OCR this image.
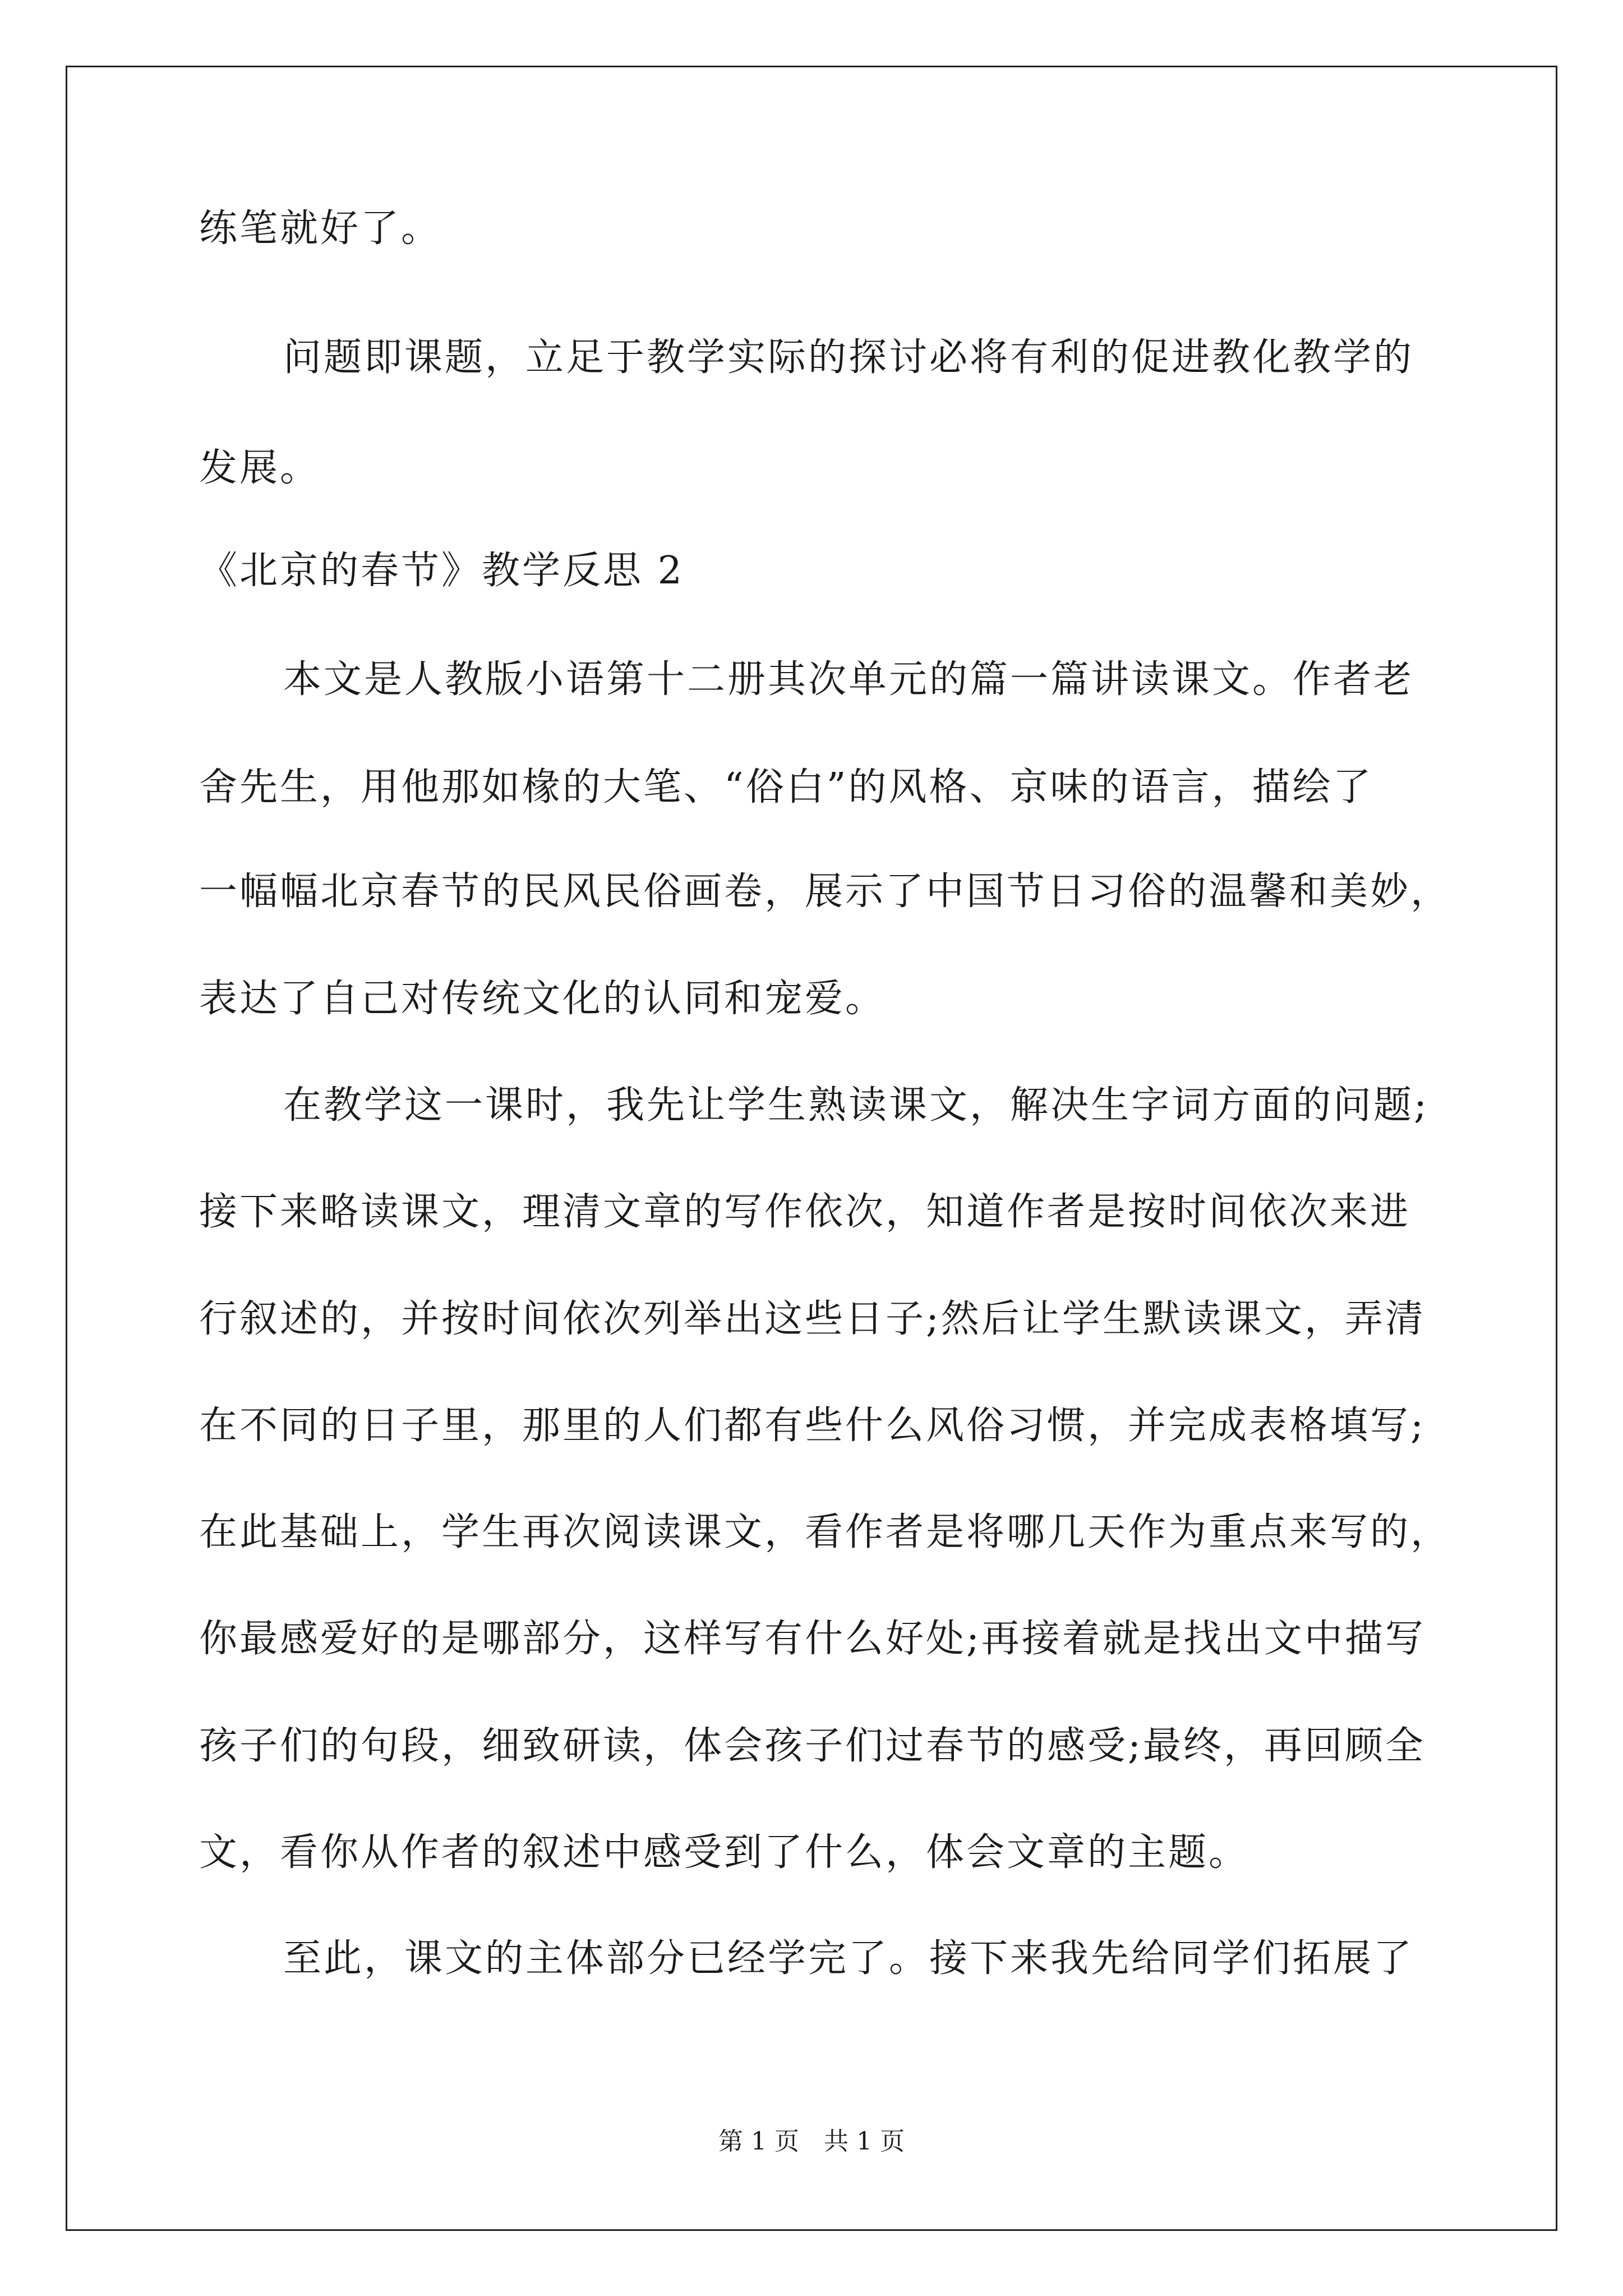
练笔就好了。
问题即课题，立足于教学实际的探讨必将有利的促进教化教学的
发展。
《北京的春节》教学反思 2
本文是人教版小语第十二册其次单元的篇一篇讲读课文。作者老
舍先生，用他那如椽的大笔、“俗白”的风格、京味的语言，描绘了
一幅幅北京春节的民风民俗画卷，展示了中国节日习俗的温馨和美妙，
表达了自己对传统文化的认同和宠爱。
在教学这一课时，我先让学生熟读课文，解决生字词方面的问题;
接下来略读课文，理清文章的写作依次，知道作者是按时间依次来进
行叙述的，并按时间依次列举出这些日子;然后让学生默读课文，弄清
在不同的日子里，那里的人们都有些什么风俗习惯，并完成表格填写;
在此基础上，学生再次阅读课文，看作者是将哪几天作为重点来写的，
你最感爱好的是哪部分，这样写有什么好处;再接着就是找出文中描写
孩子们的句段，细致研读，体会孩子们过春节的感受;最终，再回顾全
文，看你从作者的叙述中感受到了什么，体会文章的主题。
至此，课文的主体部分已经学完了。接下来我先给同学们拓展了
第 1 页　共 1 页
